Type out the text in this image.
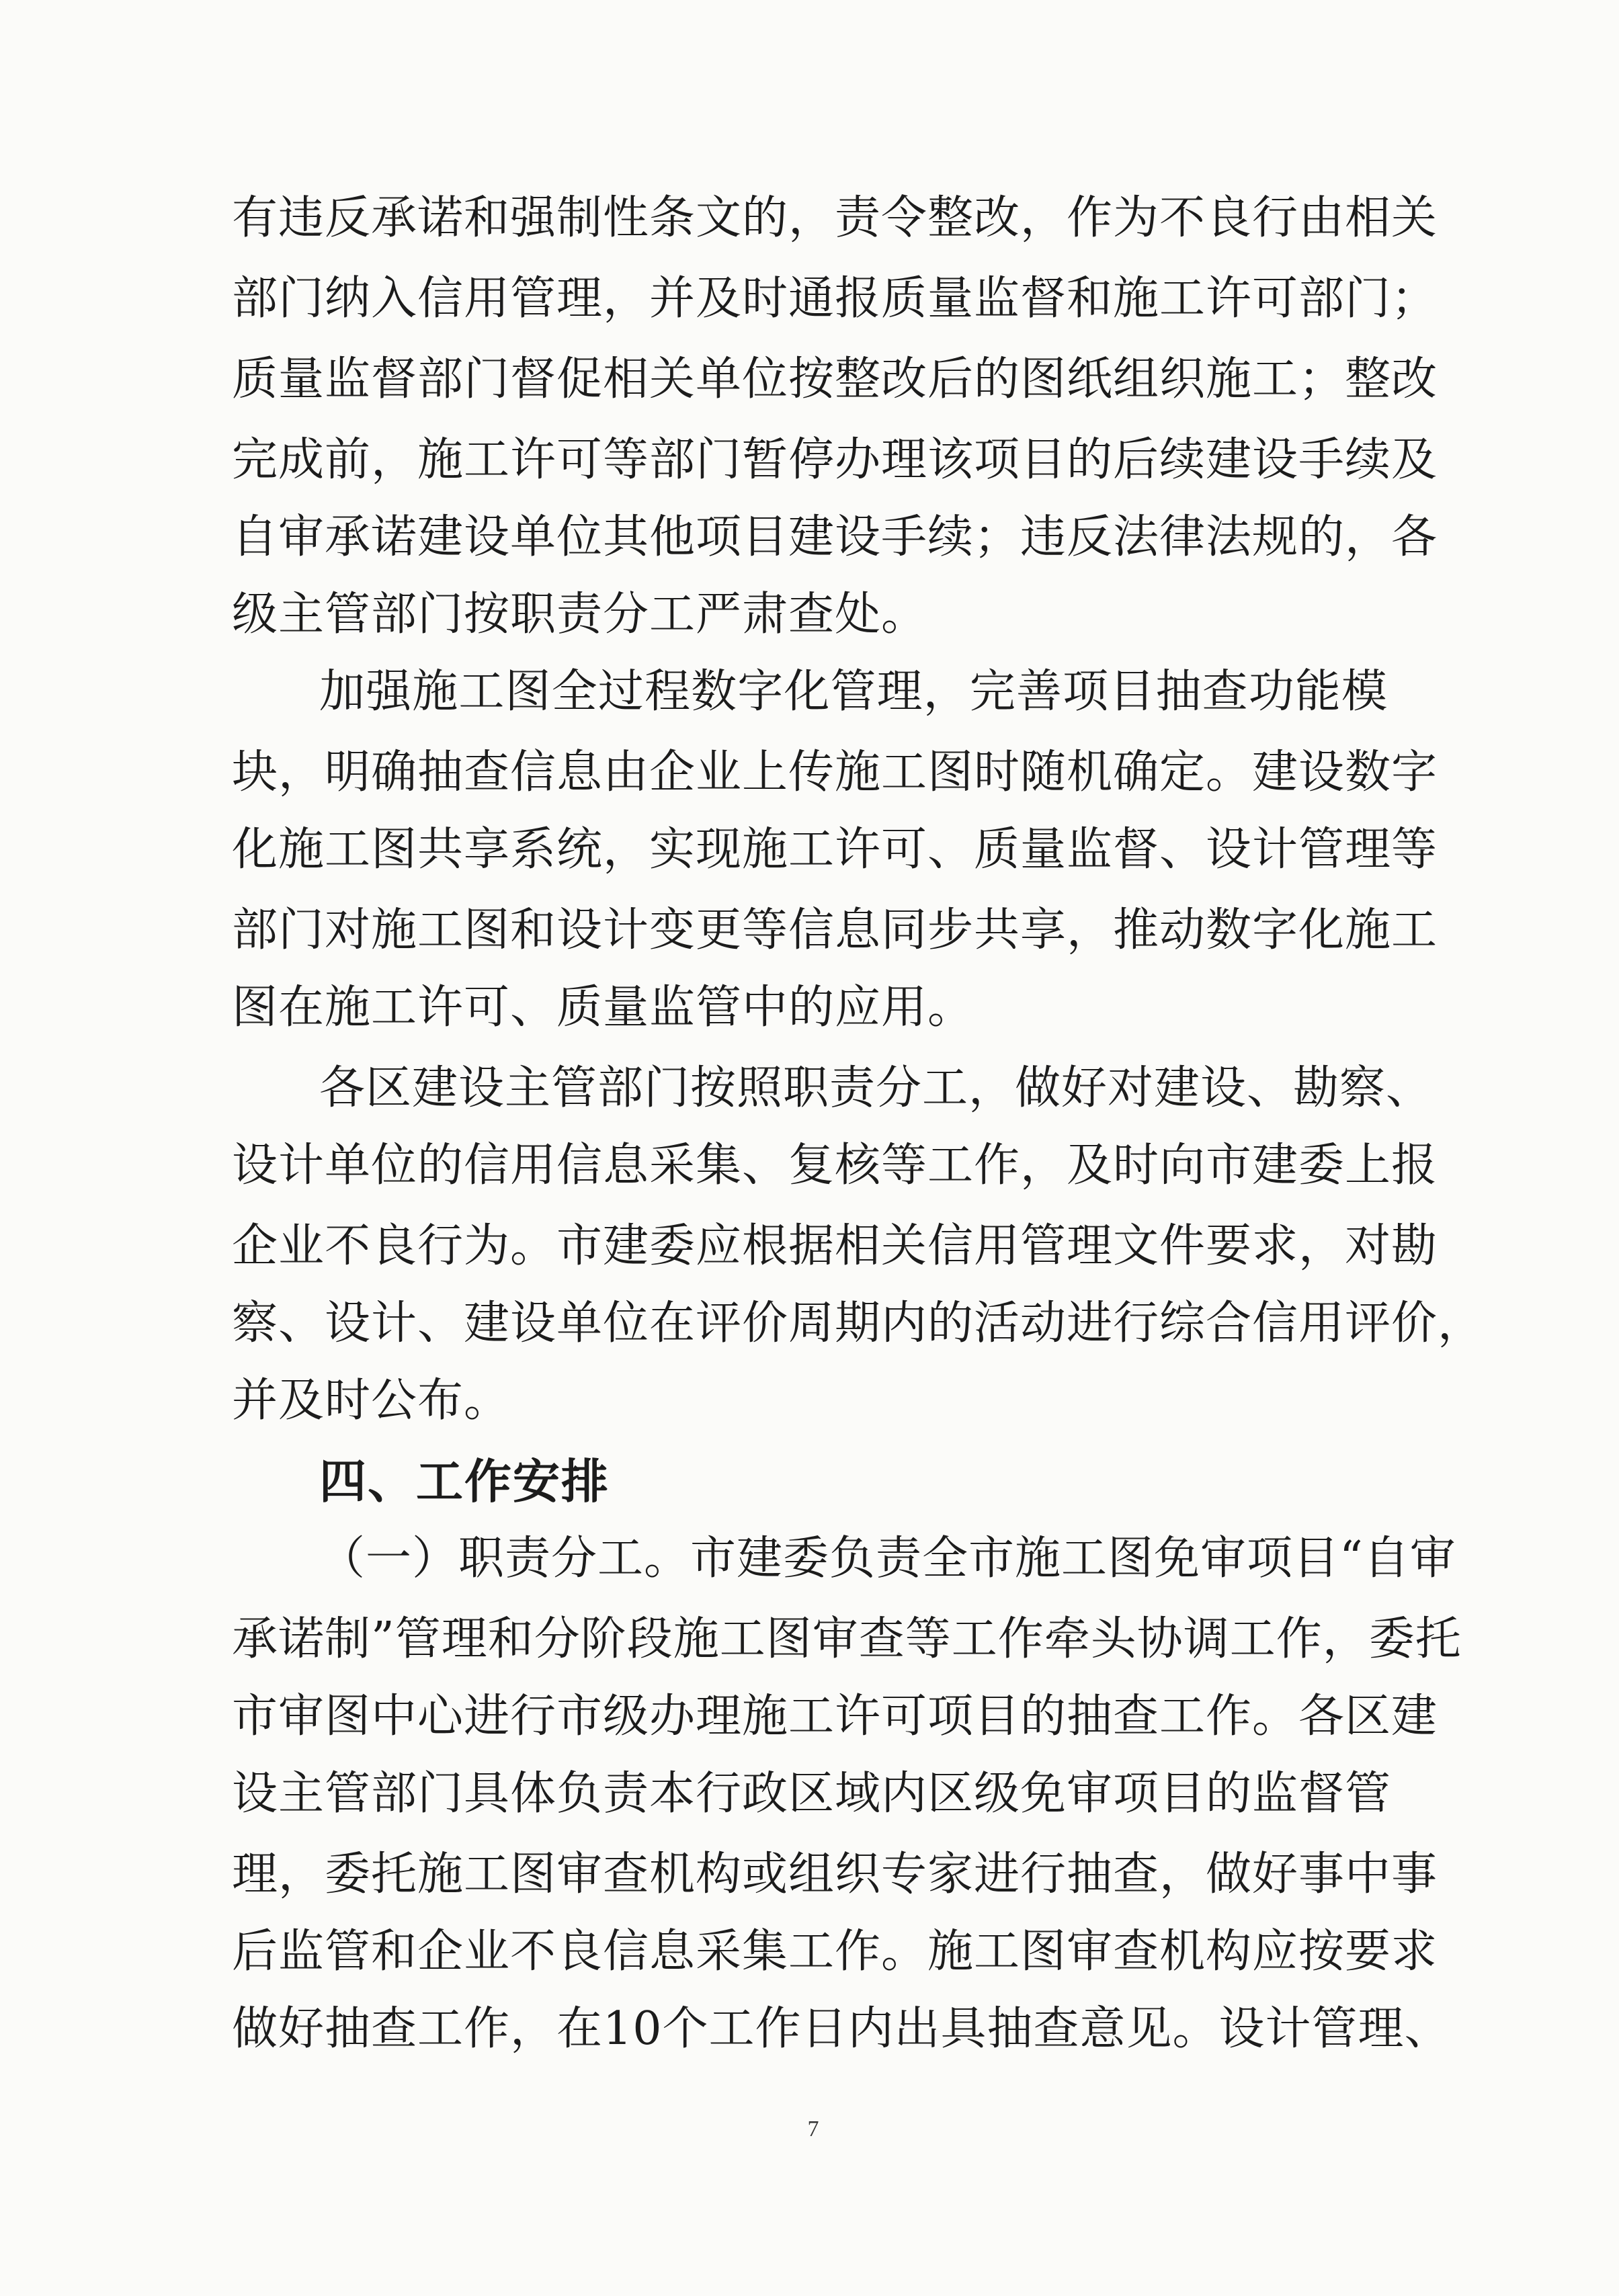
有违反承诺和强制性条文的，责令整改，作为不良行由相关
部门纳入信用管理，并及时通报质量监督和施工许可部门；
质量监督部门督促相关单位按整改后的图纸组织施工；整改
完成前，施工许可等部门暂停办理该项目的后续建设手续及
自审承诺建设单位其他项目建设手续；违反法律法规的，各
级主管部门按职责分工严肃查处。
加强施工图全过程数字化管理，完善项目抽查功能模
块，明确抽查信息由企业上传施工图时随机确定。建设数字
化施工图共享系统，实现施工许可、质量监督、设计管理等
部门对施工图和设计变更等信息同步共享，推动数字化施工
图在施工许可、质量监管中的应用。
各区建设主管部门按照职责分工，做好对建设、勘察、
设计单位的信用信息采集、复核等工作，及时向市建委上报
企业不良行为。市建委应根据相关信用管理文件要求，对勘
察、设计、建设单位在评价周期内的活动进行综合信用评价，
并及时公布。
四、工作安排
（一）职责分工。市建委负责全市施工图免审项目“自审
承诺制”管理和分阶段施工图审查等工作牵头协调工作，委托
市审图中心进行市级办理施工许可项目的抽查工作。各区建
设主管部门具体负责本行政区域内区级免审项目的监督管
理，委托施工图审查机构或组织专家进行抽查，做好事中事
后监管和企业不良信息采集工作。施工图审查机构应按要求
做好抽查工作，在10个工作日内出具抽查意见。设计管理、
7
